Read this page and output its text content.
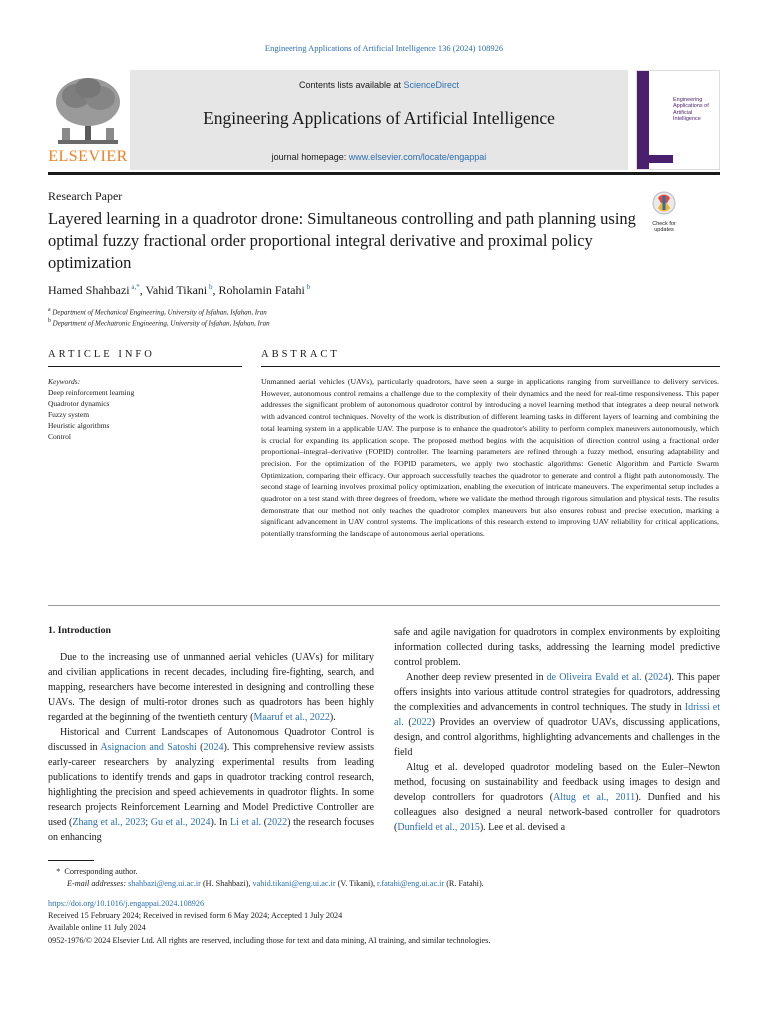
Engineering Applications of Artificial Intelligence 136 (2024) 108926
ELSEVIER
Contents lists available at ScienceDirect
Engineering Applications of Artificial Intelligence
journal homepage: www.elsevier.com/locate/engappai
Engineering Applications of Artificial Intelligence
Research Paper
Layered learning in a quadrotor drone: Simultaneous controlling and path planning using optimal fuzzy fractional order proportional integral derivative and proximal policy optimization
Check for updates
Hamed Shahbazi $^{a,*}$, Vahid Tikani $^b$, Roholamin Fatahi $^b$
$^a$ Department of Mechanical Engineering, University of Isfahan, Isfahan, Iran
$^b$ Department of Mechatronic Engineering, University of Isfahan, Isfahan, Iran
ARTICLE INFO	ABSTRACT
Keywords:
Deep reinforcement learning
Quadrotor dynamics
Fuzzy system
Heuristic algorithms
Control
Unmanned aerial vehicles (UAVs), particularly quadrotors, have seen a surge in applications ranging from surveillance to delivery services. However, autonomous control remains a challenge due to the complexity of their dynamics and the need for real-time responsiveness. This paper addresses the significant problem of autonomous quadrotor control by introducing a novel learning method that integrates a deep neural network with advanced control techniques. Novelty of the work is distribution of different learning tasks in different layers of learning and combining the total learning system in a applicable UAV. The purpose is to enhance the quadrotor's ability to perform complex maneuvers autonomously, which is crucial for expanding its application scope. The proposed method begins with the acquisition of direction control using a fractional order proportional–integral–derivative (FOPID) controller. The learning parameters are refined through a fuzzy method, ensuring adaptability and precision. For the optimization of the FOPID parameters, we apply two stochastic algorithms: Genetic Algorithm and Particle Swarm Optimization, comparing their efficacy. Our approach successfully teaches the quadrotor to generate and control a flight path autonomously. The second stage of learning involves proximal policy optimization, enabling the execution of intricate maneuvers. The experimental setup includes a quadrotor on a test stand with three degrees of freedom, where we validate the method through rigorous simulation and physical tests. The results demonstrate that our method not only teaches the quadrotor complex maneuvers but also ensures robust and precise execution, marking a significant advancement in UAV control systems. The implications of this research extend to improving UAV reliability for critical applications, potentially transforming the landscape of autonomous aerial operations.
1. Introduction

Due to the increasing use of unmanned aerial vehicles (UAVs) for military and civilian applications in recent decades, including fire-fighting, search, and mapping, researchers have become interested in designing and controlling these UAVs. The design of multi-rotor drones such as quadrotors has been highly regarded at the beginning of the twentieth century (Maaruf et al., 2022).

Historical and Current Landscapes of Autonomous Quadrotor Control is discussed in Asignacion and Satoshi (2024). This comprehensive review assists early-career researchers by analyzing experimental results from leading publications to identify trends and gaps in quadrotor tracking control research, highlighting the precision and speed achievements in quadrotor flights. In some research projects Reinforcement Learning and Model Predictive Controller are used (Zhang et al., 2023; Gu et al., 2024). In Li et al. (2022) the research focuses on enhancing

safe and agile navigation for quadrotors in complex environments by exploiting information collected during tasks, addressing the learning model predictive control problem.

Another deep review presented in de Oliveira Evald et al. (2024). This paper offers insights into various attitude control strategies for quadrotors, addressing the complexities and advancements in control techniques. The study in Idrissi et al. (2022) Provides an overview of quadrotor UAVs, discussing applications, design, and control algorithms, highlighting advancements and challenges in the field

Altug et al. developed quadrotor modeling based on the Euler–Newton method, focusing on sustainability and feedback using images to design and develop controllers for quadrotors (Altug et al., 2011). Dunfied and his colleagues also designed a neural network-based controller for quadrotors (Dunfield et al., 2015). Lee et al. devised a

*  Corresponding author.
E-mail addresses: shahbazi@eng.ui.ac.ir (H. Shahbazi), vahid.tikani@eng.ui.ac.ir (V. Tikani), r.fatahi@eng.ui.ac.ir (R. Fatahi).
https://doi.org/10.1016/j.engappai.2024.108926
Received 15 February 2024; Received in revised form 6 May 2024; Accepted 1 July 2024
Available online 11 July 2024
0952-1976/© 2024 Elsevier Ltd. All rights are reserved, including those for text and data mining, AI training, and similar technologies.
